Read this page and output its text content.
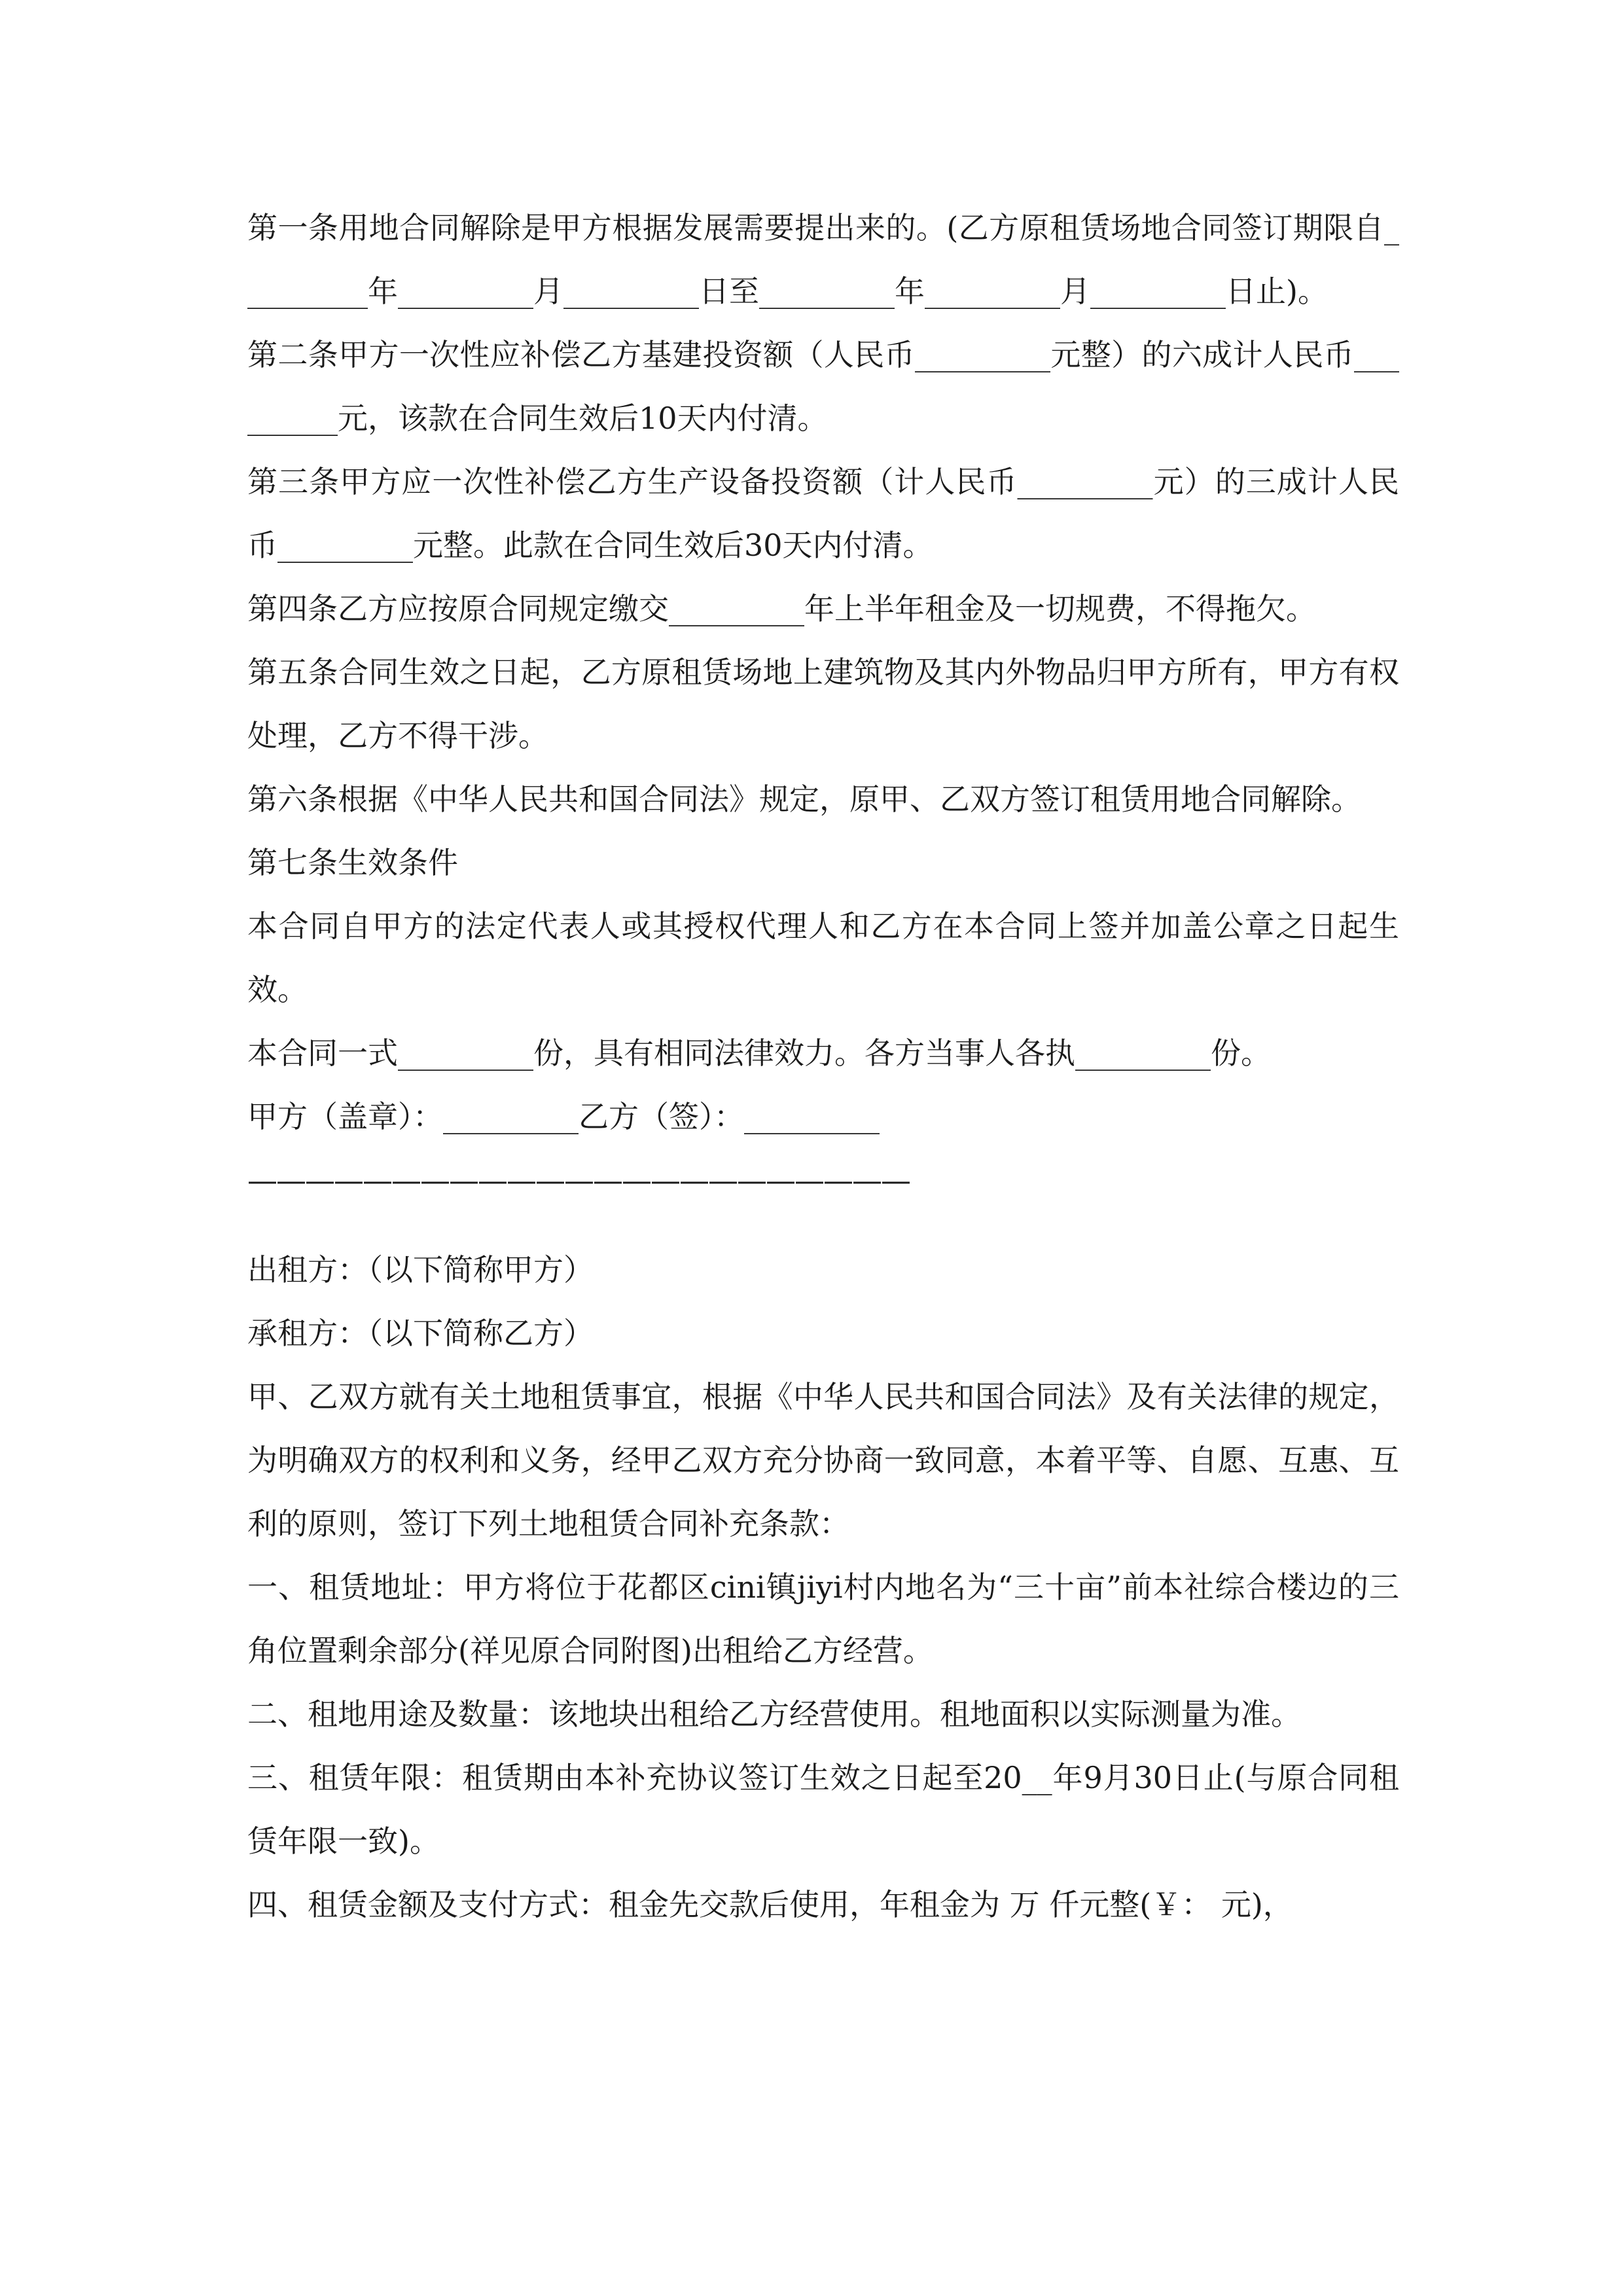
第一条用地合同解除是甲方根据发展需要提出来的。(乙方原租赁场地合同签订期限自_________年_________月_________日至_________年_________月_________日止)。

第二条甲方一次性应补偿乙方基建投资额（人民币_________元整）的六成计人民币_________元，该款在合同生效后10天内付清。

第三条甲方应一次性补偿乙方生产设备投资额（计人民币_________元）的三成计人民币_________元整。此款在合同生效后30天内付清。

第四条乙方应按原合同规定缴交_________年上半年租金及一切规费，不得拖欠。

第五条合同生效之日起，乙方原租赁场地上建筑物及其内外物品归甲方所有，甲方有权处理，乙方不得干涉。

第六条根据《中华人民共和国合同法》规定，原甲、乙双方签订租赁用地合同解除。

第七条生效条件

本合同自甲方的法定代表人或其授权代理人和乙方在本合同上签并加盖公章之日起生效。

本合同一式_________份，具有相同法律效力。各方当事人各执_________份。

甲方（盖章）：_________乙方（签）：_________

———————————————————————

出租方：（以下简称甲方）

承租方：（以下简称乙方）

甲、乙双方就有关土地租赁事宜，根据《中华人民共和国合同法》及有关法律的规定，为明确双方的权利和义务，经甲乙双方充分协商一致同意，本着平等、自愿、互惠、互利的原则，签订下列土地租赁合同补充条款：

一、租赁地址：甲方将位于花都区cini镇jiyi村内地名为“三十亩”前本社综合楼边的三角位置剩余部分(祥见原合同附图)出租给乙方经营。

二、租地用途及数量：该地块出租给乙方经营使用。租地面积以实际测量为准。

三、租赁年限：租赁期由本补充协议签订生效之日起至20__年9月30日止(与原合同租赁年限一致)。

四、租赁金额及支付方式：租金先交款后使用，年租金为 万 仟元整(￥： 元)，
